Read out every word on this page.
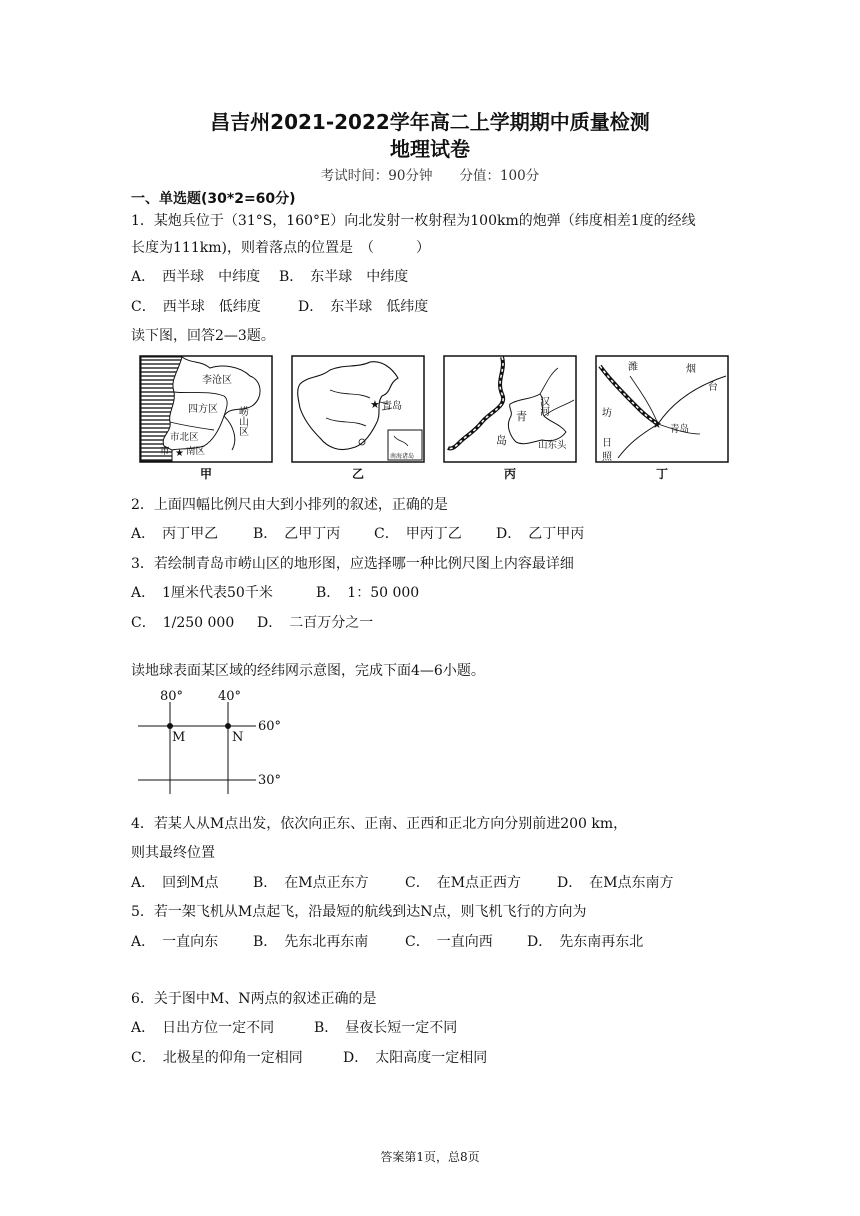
昌吉州2021-2022学年高二上学期期中质量检测
地理试卷
考试时间：90分钟　　分值：100分
一、单选题(30*2=60分)
1．某炮兵位于（31°S，160°E）向北发射一枚射程为100km的炮弹（纬度相差1度的经线
长度为111km)，则着落点的位置是　（　　　）
A．　西半球　中纬度 B．　东半球　中纬度
C．　西半球　低纬度	D．　东半球　低纬度
读下图，回答2—3题。
李沧区
四方区 崂山区
市北区
市 南区
★
甲
★ 青岛
南海诸岛
乙
汉河
青
岛	山东头
丙
★
潍	烟
台
坊
日
照
青岛
丁
2．上面四幅比例尺由大到小排列的叙述，正确的是
A．　丙丁甲乙 B．　乙甲丁丙 C．　甲丙丁乙 D．　乙丁甲丙
3．若绘制青岛市崂山区的地形图，应选择哪一种比例尺图上内容最详细
A．　1厘米代表50千米	B．　1：50 000
C．　1/250 000 D．　二百万分之一
读地球表面某区域的经纬网示意图，完成下面4—6小题。
80°	40°
60°
30°
M	N
4．若某人从M点出发，依次向正东、正南、正西和正北方向分别前进200 km，
则其最终位置
A．　回到M点 B．　在M点正东方	C．　在M点正西方	D．　在M点东南方
5．若一架飞机从M点起飞，沿最短的航线到达N点，则飞机飞行的方向为
A．　一直向东 B．　先东北再东南	C．　一直向西 D．　先东南再东北
6．关于图中M、N两点的叙述正确的是
A．　日出方位一定不同	B．　昼夜长短一定不同
C．　北极星的仰角一定相同	D．　太阳高度一定相同
答案第1页，总8页
